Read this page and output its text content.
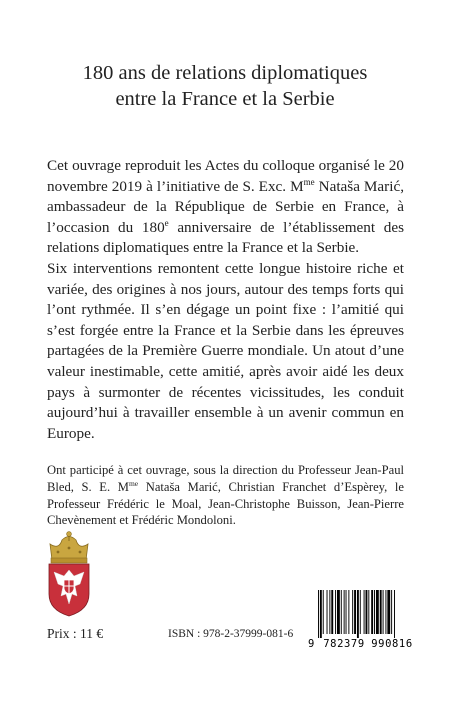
180 ans de relations diplomatiques
entre la France et la Serbie

Cet ouvrage reproduit les Actes du colloque organisé le 20 novembre 2019 à l’initiative de S. Exc. $M^{me}$ Nataša Marić, ambassadeur de la République de Serbie en France, à l’occasion du 180e anniversaire de l’établissement des relations diplomatiques entre la France et la Serbie.

Six interventions remontent cette longue histoire riche et variée, des origines à nos jours, autour des temps forts qui l’ont rythmée. Il s’en dégage un point fixe : l’amitié qui s’est forgée entre la France et la Serbie dans les épreuves partagées de la Première Guerre mondiale. Un atout d’une valeur inestimable, cette amitié, après avoir aidé les deux pays à surmonter de récentes vicissitudes, les conduit aujourd’hui à travailler ensemble à un avenir commun en Europe.

Ont participé à cet ouvrage, sous la direction du Professeur Jean-Paul Bled, S. E. $M^{me}$ Nataša Marić, Christian Franchet d’Espèrey, le Professeur Frédéric le Moal, Jean-Christophe Buisson, Jean-Pierre Chevènement et Frédéric Mondoloni.
Prix : 11 €	ISBN : 978-2-37999-081-6
9 782379 990816
